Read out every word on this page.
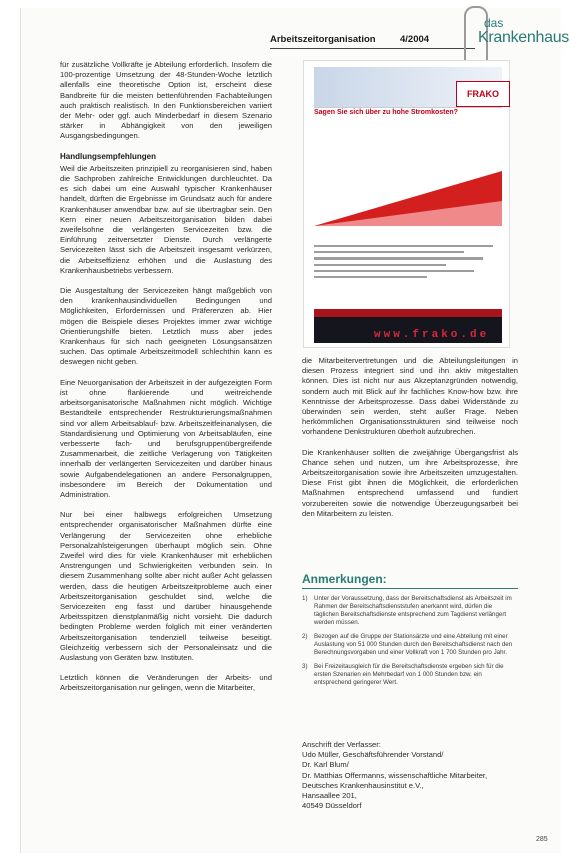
Arbeitszeitorganisation	4/2004
das
Krankenhaus

für zusätzliche Vollkräfte je Abteilung erforderlich. Insofern die 100-prozentige Umsetzung der 48-Stunden-Woche letztlich allenfalls eine theoretische Option ist, erscheint diese Bandbreite für die meisten bettenführenden Fachabteilungen auch praktisch realistisch. In den Funktionsbereichen variiert der Mehr- oder ggf. auch Minderbedarf in diesem Szenario stärker in Abhängigkeit von den jeweiligen Ausgangsbedingungen.

Handlungsempfehlungen

Weil die Arbeitszeiten prinzipiell zu reorganisieren sind, haben die Sachproben zahlreiche Entwicklungen durchleuchtet. Da es sich dabei um eine Auswahl typischer Krankenhäuser handelt, dürften die Ergebnisse im Grundsatz auch für andere Krankenhäuser anwendbar bzw. auf sie übertragbar sein. Den Kern einer neuen Arbeitszeitorganisation bilden dabei zweifelsohne die verlängerten Servicezeiten bzw. die Einführung zeitversetzter Dienste. Durch verlängerte Servicezeiten lässt sich die Arbeitszeit insgesamt verkürzen, die Arbeitseffizienz erhöhen und die Auslastung des Krankenhausbetriebs verbessern.

Die Ausgestaltung der Servicezeiten hängt maßgeblich von den krankenhausindividuellen Bedingungen und Möglichkeiten, Erfordernissen und Präferenzen ab. Hier mögen die Beispiele dieses Projektes immer zwar wichtige Orientierungshilfe bieten. Letztlich muss aber jedes Krankenhaus für sich nach geeigneten Lösungsansätzen suchen. Das optimale Arbeitszeitmodell schlechthin kann es deswegen nicht geben.

Eine Neuorganisation der Arbeitszeit in der aufgezeigten Form ist ohne flankierende und weitreichende arbeitsorganisatorische Maßnahmen nicht möglich. Wichtige Bestandteile entsprechender Restrukturierungsmaßnahmen sind vor allem Arbeitsablauf- bzw. Arbeitszeitfeinanalysen, die Standardisierung und Optimierung von Arbeitsabläufen, eine verbesserte fach- und berufsgruppenübergreifende Zusammenarbeit, die zeitliche Verlagerung von Tätigkeiten innerhalb der verlängerten Servicezeiten und darüber hinaus sowie Aufgabendelegationen an andere Personalgruppen, insbesondere im Bereich der Dokumentation und Administration.

Nur bei einer halbwegs erfolgreichen Umsetzung entsprechender organisatorischer Maßnahmen dürfte eine Verlängerung der Servicezeiten ohne erhebliche Personalzahlsteigerungen überhaupt möglich sein. Ohne Zweifel wird dies für viele Krankenhäuser mit erheblichen Anstrengungen und Schwierigkeiten verbunden sein. In diesem Zusammenhang sollte aber nicht außer Acht gelassen werden, dass die heutigen Arbeitszeitprobleme auch einer Arbeitszeitorganisation geschuldet sind, welche die Servicezeiten eng fasst und darüber hinausgehende Arbeitsspitzen dienstplanmäßig nicht vorsieht. Die dadurch bedingten Probleme werden folglich mit einer veränderten Arbeitszeitorganisation tendenziell teilweise beseitigt. Gleichzeitig verbessern sich der Personaleinsatz und die Auslastung von Geräten bzw. Instituten.

Letztlich können die Veränderungen der Arbeits- und Arbeitszeitorganisation nur gelingen, wenn die Mitarbeiter,

FRAKO
Sagen Sie sich über zu hohe Stromkosten?
www.frako.de

die Mitarbeitervertretungen und die Abteilungsleitungen in diesen Prozess integriert sind und ihn aktiv mitgestalten können. Dies ist nicht nur aus Akzeptanzgründen notwendig, sondern auch mit Blick auf ihr fachliches Know-how bzw. ihre Kenntnisse der Arbeitsprozesse. Dass dabei Widerstände zu überwinden sein werden, steht außer Frage. Neben herkömmlichen Organisationsstrukturen sind teilweise noch vorhandene Denkstrukturen überholt aufzubrechen.

Die Krankenhäuser sollten die zweijährige Übergangsfrist als Chance sehen und nutzen, um ihre Arbeitsprozesse, ihre Arbeitszeitorganisation sowie ihre Arbeitszeiten umzugestalten. Diese Frist gibt ihnen die Möglichkeit, die erforderlichen Maßnahmen entsprechend umfassend und fundiert vorzubereiten sowie die notwendige Überzeugungsarbeit bei den Mitarbeitern zu leisten.

Anmerkungen:
1) Unter der Voraussetzung, dass der Bereitschaftsdienst als Arbeitszeit im Rahmen der Bereitschaftsdienststufen anerkannt wird, dürfen die täglichen Bereitschaftsdienste entsprechend zum Tagdienst verlängert werden müssen.
2) Bezogen auf die Gruppe der Stationsärzte und eine Abteilung mit einer Auslastung von 51 000 Stunden durch den Bereitschaftsdienst nach den Berechnungsvorgaben und einer Vollkraft von 1 700 Stunden pro Jahr.
3) Bei Freizeitausgleich für die Bereitschaftsdienste ergeben sich für die ersten Szenarien ein Mehrbedarf von 1 000 Stunden bzw. ein entsprechend geringerer Wert.
Anschrift der Verfasser:
Udo Müller, Geschäftsführender Vorstand/
Dr. Karl Blum/
Dr. Matthias Offermanns, wissenschaftliche Mitarbeiter,
Deutsches Krankenhausinstitut e.V.,
Hansaallee 201,
40549 Düsseldorf
285
